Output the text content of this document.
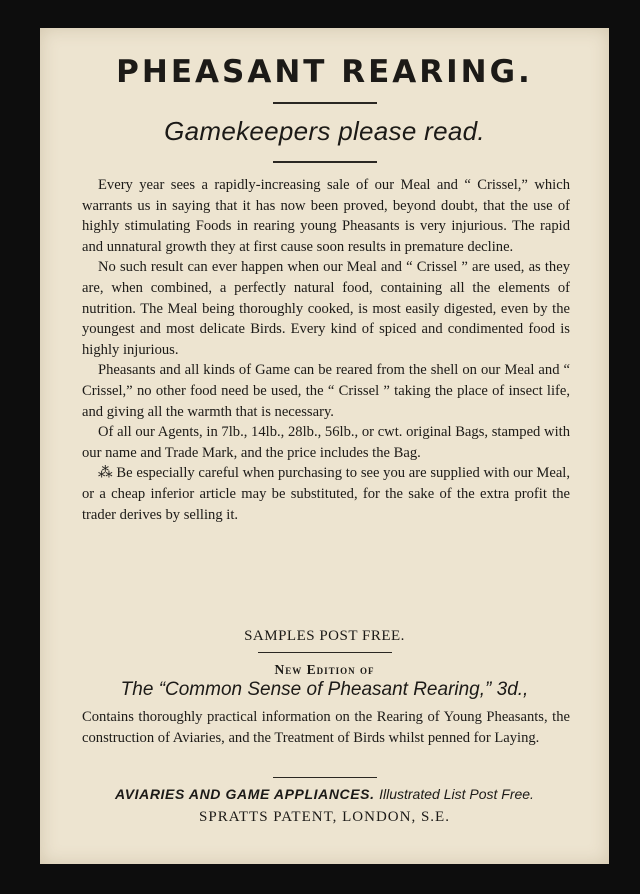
PHEASANT REARING.
Gamekeepers please read.

Every year sees a rapidly-increasing sale of our Meal and “ Crissel,” which warrants us in saying that it has now been proved, beyond doubt, that the use of highly stimulating Foods in rearing young Pheasants is very injurious. The rapid and unnatural growth they at first cause soon results in premature decline.

No such result can ever happen when our Meal and “ Crissel ” are used, as they are, when combined, a perfectly natural food, containing all the elements of nutrition. The Meal being thoroughly cooked, is most easily digested, even by the youngest and most delicate Birds. Every kind of spiced and condimented food is highly injurious.

Pheasants and all kinds of Game can be reared from the shell on our Meal and “ Crissel,” no other food need be used, the “ Crissel ” taking the place of insect life, and giving all the warmth that is necessary.

Of all our Agents, in 7lb., 14lb., 28lb., 56lb., or cwt. original Bags, stamped with our name and Trade Mark, and the price includes the Bag.

⁂ Be especially careful when purchasing to see you are supplied with our Meal, or a cheap inferior article may be substituted, for the sake of the extra profit the trader derives by selling it.

SAMPLES POST FREE.
New Edition of
The “Common Sense of Pheasant Rearing,” 3d.,
Contains thoroughly practical information on the Rearing of Young Pheasants, the construction of Aviaries, and the Treatment of Birds whilst penned for Laying.
AVIARIES AND GAME APPLIANCES. Illustrated List Post Free.
SPRATTS PATENT, LONDON, S.E.
